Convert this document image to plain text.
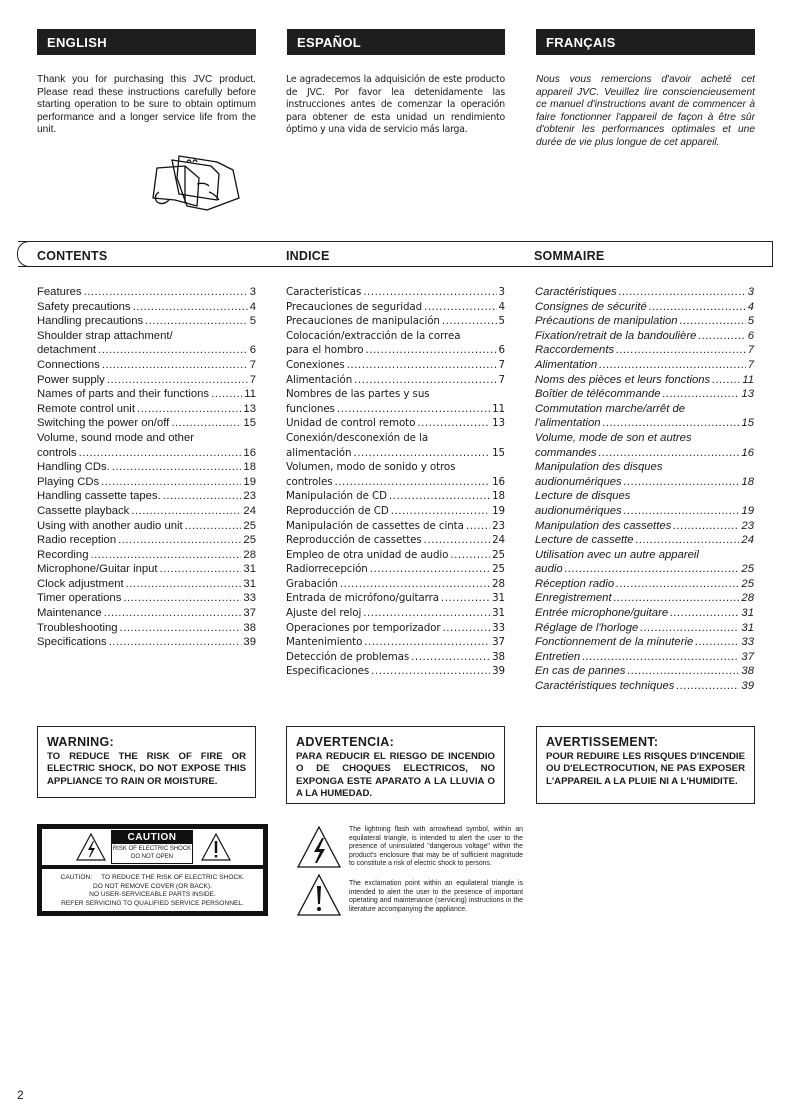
ENGLISH	ESPAÑOL	FRANÇAIS
Thank you for purchasing this JVC product. Please read these instructions carefully before starting operation to be sure to obtain optimum performance and a longer service life from the unit.
Le agradecemos la adquisición de este producto de JVC. Por favor lea detenidamente las instrucciones antes de comenzar la operación para obtener de esta unidad un rendimiento óptimo y una vida de servicio más larga.
Nous vous remercions d'avoir acheté cet appareil JVC. Veuillez lire consciencieusement ce manuel d'instructions avant de commencer à faire fonctionner l'appareil de façon à être sûr d'obtenir les performances optimales et une durée de vie plus longue de cet appareil.
CONTENTS	INDICE	SOMMAIRE
Features .....	3
Safety precautions .....	4
Handling precautions .....	5
Shoulder strap attachment/
detachment .....	6
Connections .....	7
Power supply .....	7
Names of parts and their functions .....	11
Remote control unit .....	13
Switching the power on/off .....	15
Volume, sound mode and other
controls .....	16
Handling CDs. .....	18
Playing CDs .....	19
Handling cassette tapes. .....	23
Cassette playback .....	24
Using with another audio unit .....	25
Radio reception .....	25
Recording .....	28
Microphone/Guitar input .....	31
Clock adjustment .....	31
Timer operations .....	33
Maintenance .....	37
Troubleshooting .....	38
Specifications .....	39
Caracteristicas .....	3
Precauciones de seguridad .....	4
Precauciones de manipulación .....	5
Colocación/extracción de la correa
para el hombro .....	6
Conexiones .....	7
Alimentación .....	7
Nombres de las partes y sus
funciones .....	11
Unidad de control remoto .....	13
Conexión/desconexión de la
alimentación .....	15
Volumen, modo de sonido y otros
controles .....	16
Manipulación de CD .....	18
Reproducción de CD .....	19
Manipulación de cassettes de cinta .....	23
Reproducción de cassettes .....	24
Empleo de otra unidad de audio .....	25
Radiorrecepción .....	25
Grabación .....	28
Entrada de micrófono/guitarra .....	31
Ajuste del reloj .....	31
Operaciones por temporizador .....	33
Mantenimiento .....	37
Detección de problemas .....	38
Especificaciones .....	39
Caractéristiques .....	3
Consignes de sécurité .....	4
Précautions de manipulation .....	5
Fixation/retrait de la bandoulière .....	6
Raccordements .....	7
Alimentation .....	7
Noms des pièces et leurs fonctions .....	11
Boîtier de télécommande .....	13
Commutation marche/arrêt de
l'alimentation .....	15
Volume, mode de son et autres
commandes .....	16
Manipulation des disques
audionumériques .....	18
Lecture de disques
audionumériques .....	19
Manipulation des cassettes .....	23
Lecture de cassette .....	24
Utilisation avec un autre appareil
audio .....	25
Réception radio .....	25
Enregistrement .....	28
Entrée microphone/guitare .....	31
Réglage de l'horloge .....	31
Fonctionnement de la minuterie .....	33
Entretien .....	37
En cas de pannes .....	38
Caractéristiques techniques .....	39
WARNING:

TO REDUCE THE RISK OF FIRE OR ELECTRIC SHOCK, DO NOT EXPOSE THIS APPLIANCE TO RAIN OR MOISTURE.

ADVERTENCIA:

PARA REDUCIR EL RIESGO DE INCENDIO O DE CHOQUES ELECTRICOS, NO EXPONGA ESTE APARATO A LA LLUVIA O A LA HUMEDAD.

AVERTISSEMENT:

POUR REDUIRE LES RISQUES D'INCENDIE OU D'ELECTROCUTION, NE PAS EXPOSER L'APPAREIL A LA PLUIE NI A L'HUMIDITE.

CAUTION
RISK OF ELECTRIC SHOCK
DO NOT OPEN
CAUTION:     TO REDUCE THE RISK OF ELECTRIC SHOCK.
DO NOT REMOVE COVER (OR BACK).
NO USER-SERVICEABLE PARTS INSIDE.
REFER SERVICING TO QUALIFIED SERVICE PERSONNEL.
The lightning flash with arrowhead symbol, within an equilateral triangle, is intended to alert the user to the presence of uninsulated "dangerous voltage" within the product's enclosure that may be of sufficient magnitude to constitute a risk of electric shock to persons.
The exclamation point within an equilateral triangle is intended to alert the user to the presence of important operating and maintenance (servicing) instructions in the literature accompanying the appliance.
2
